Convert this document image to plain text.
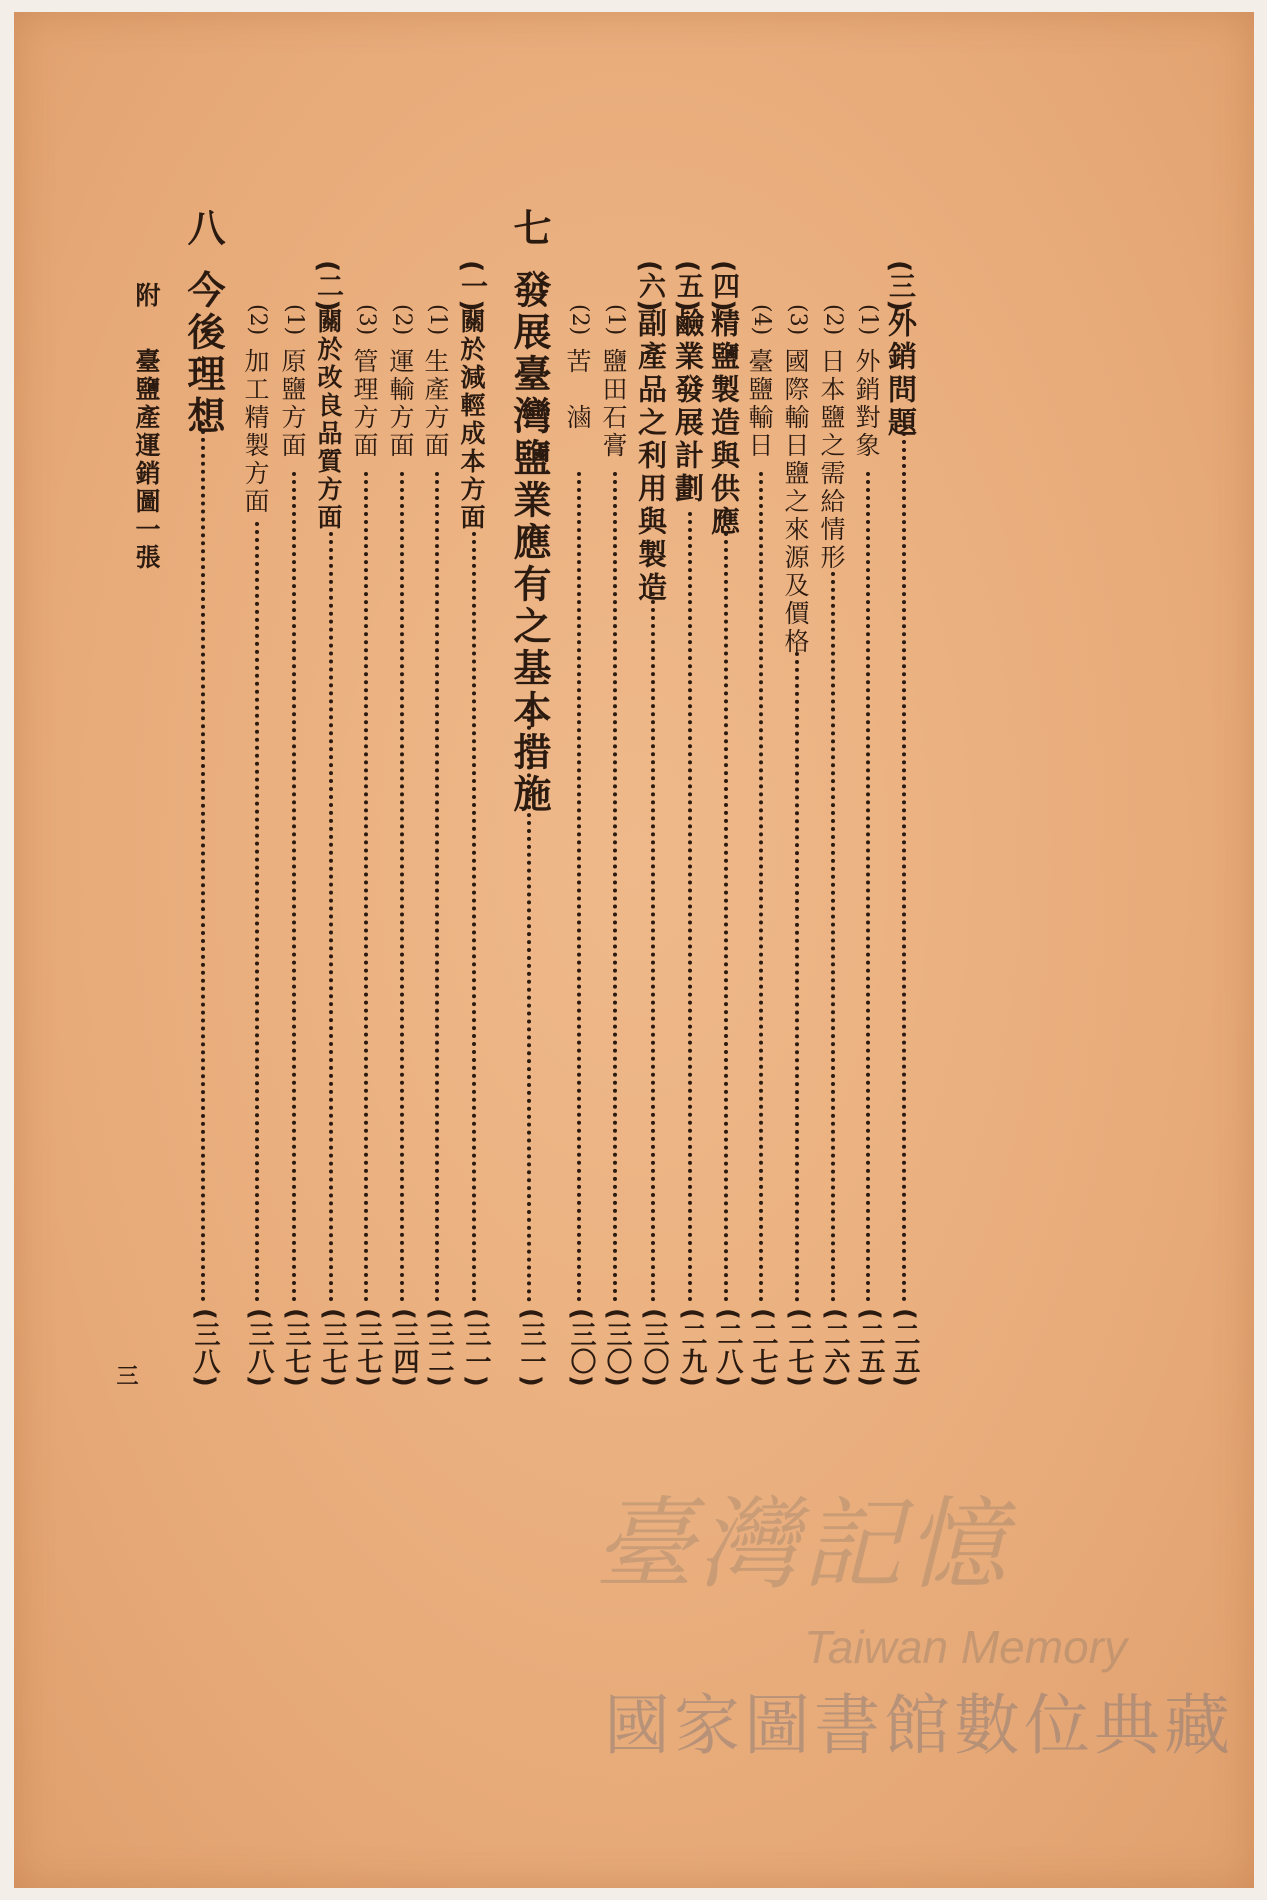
(三)
外銷問題
(二五)
(1)
外銷對象
(二五)
(2)
日本鹽之需給情形
(二六)
(3)
國際輸日鹽之來源及價格
(二七)
(4)
臺鹽輸日
(二七)
(四)
精鹽製造與供應
(二八)
(五)
鹼業發展計劃
(二九)
(六)
副產品之利用與製造
(三〇)
(1)
鹽田石膏
(三〇)
(2)
苦　滷
(三〇)
七
發展臺灣鹽業應有之基本措施
(三一)
(一)
關於減輕成本方面
(三一)
(1)
生產方面
(三二)
(2)
運輸方面
(三四)
(3)
管理方面
(三七)
(二)
關於改良品質方面
(三七)
(1)
原鹽方面
(三七)
(2)
加工精製方面
(三八)
八
今後理想
(三八)
附
臺鹽產運銷圖一張
三
臺灣記憶
Taiwan Memory
國家圖書館數位典藏
